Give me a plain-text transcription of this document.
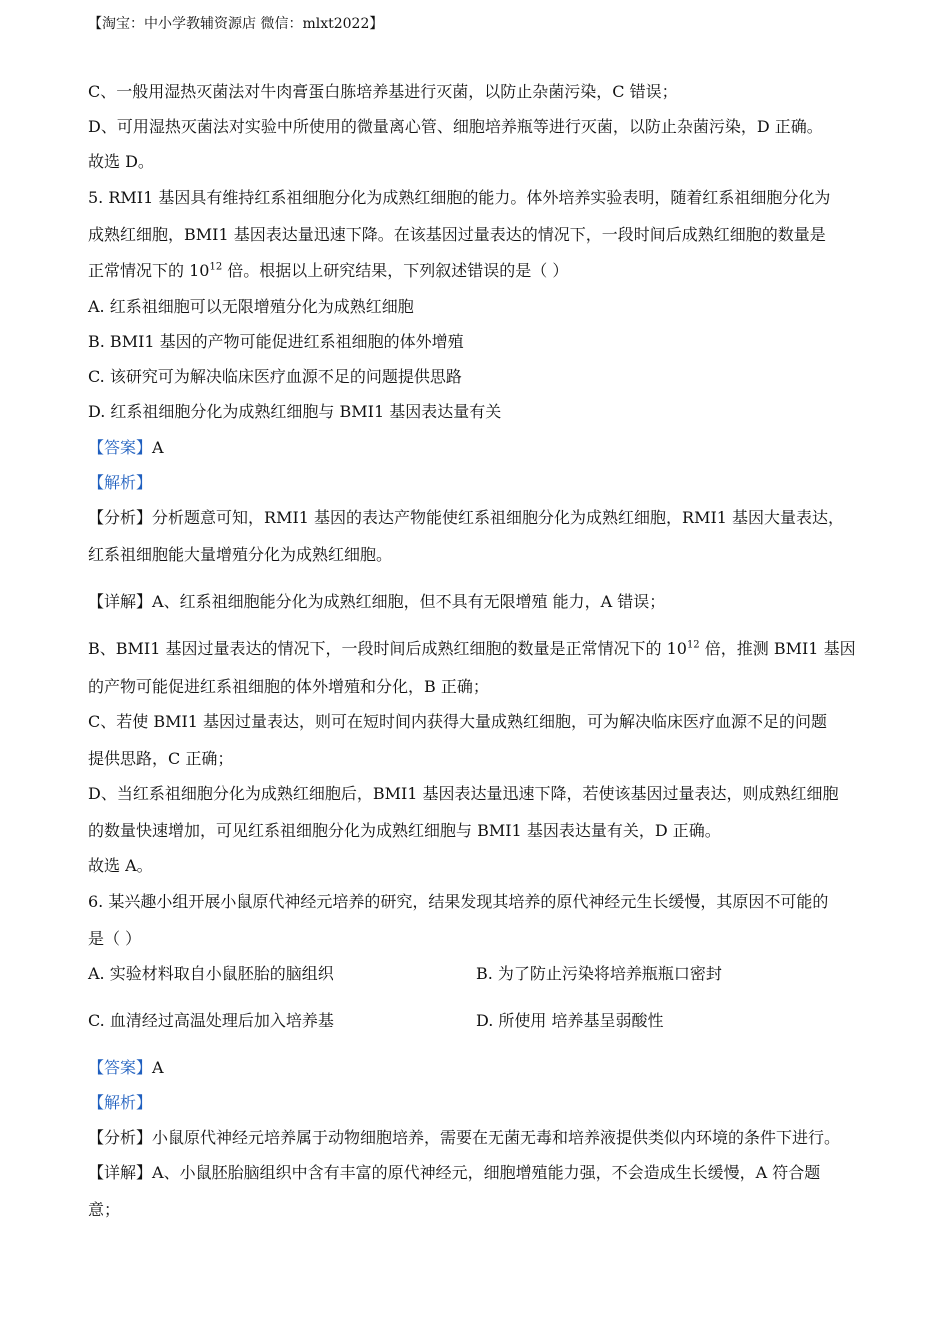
【淘宝：中小学教辅资源店 微信：mlxt2022】
C、一般用湿热灭菌法对牛肉膏蛋白胨培养基进行灭菌，以防止杂菌污染，C 错误；
D、可用湿热灭菌法对实验中所使用的微量离心管、细胞培养瓶等进行灭菌，以防止杂菌污染，D 正确。
故选 D。
5. RMI1 基因具有维持红系祖细胞分化为成熟红细胞的能力。体外培养实验表明，随着红系祖细胞分化为
成熟红细胞，BMI1 基因表达量迅速下降。在该基因过量表达的情况下，一段时间后成熟红细胞的数量是
正常情况下的 $10^{12}$ 倍。根据以上研究结果，下列叙述错误的是（ ）
A. 红系祖细胞可以无限增殖分化为成熟红细胞
B. BMI1 基因的产物可能促进红系祖细胞的体外增殖
C. 该研究可为解决临床医疗血源不足的问题提供思路
D. 红系祖细胞分化为成熟红细胞与 BMI1 基因表达量有关
【答案】A
【解析】
【分析】分析题意可知，RMI1 基因的表达产物能使红系祖细胞分化为成熟红细胞，RMI1 基因大量表达，
红系祖细胞能大量增殖分化为成熟红细胞。
【详解】A、红系祖细胞能分化为成熟红细胞，但不具有无限增殖 能力，A 错误；
B、BMI1 基因过量表达的情况下，一段时间后成熟红细胞的数量是正常情况下的 $10^{12}$ 倍，推测 BMI1 基因
的产物可能促进红系祖细胞的体外增殖和分化，B 正确；
C、若使 BMI1 基因过量表达，则可在短时间内获得大量成熟红细胞，可为解决临床医疗血源不足的问题
提供思路，C 正确；
D、当红系祖细胞分化为成熟红细胞后，BMI1 基因表达量迅速下降，若使该基因过量表达，则成熟红细胞
的数量快速增加，可见红系祖细胞分化为成熟红细胞与 BMI1 基因表达量有关，D 正确。
故选 A。
6. 某兴趣小组开展小鼠原代神经元培养的研究，结果发现其培养的原代神经元生长缓慢，其原因不可能的
是（ ）
A. 实验材料取自小鼠胚胎的脑组织	B. 为了防止污染将培养瓶瓶口密封
C. 血清经过高温处理后加入培养基	D. 所使用 培养基呈弱酸性
【答案】A
【解析】
【分析】小鼠原代神经元培养属于动物细胞培养，需要在无菌无毒和培养液提供类似内环境的条件下进行。
【详解】A、小鼠胚胎脑组织中含有丰富的原代神经元，细胞增殖能力强，不会造成生长缓慢，A 符合题
意；
